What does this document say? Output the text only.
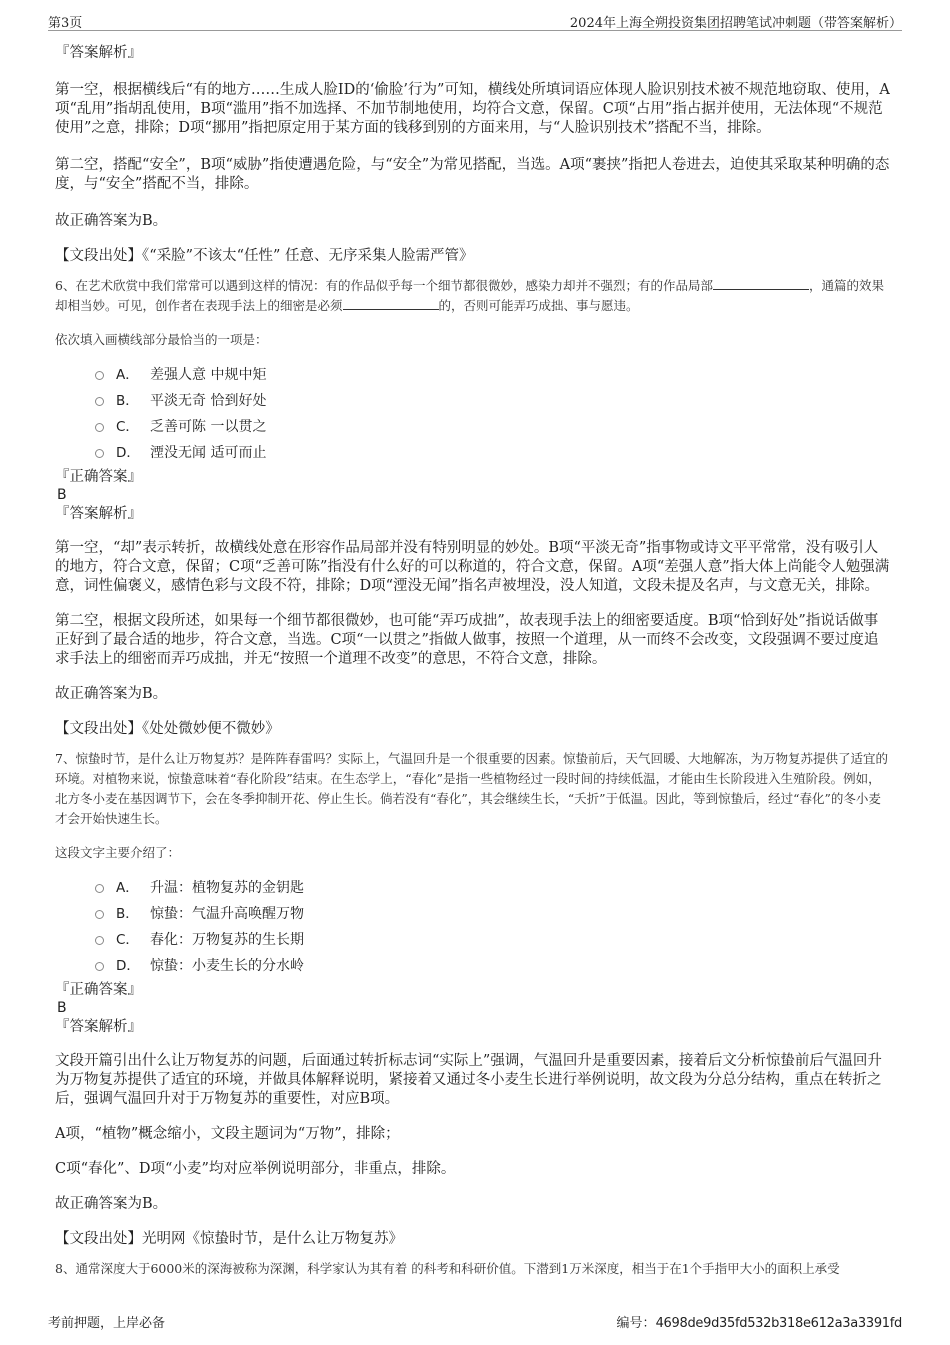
第3页	2024年上海全朔投资集团招聘笔试冲刺题（带答案解析）

『答案解析』

第一空，根据横线后“有的地方……生成人脸ID的‘偷脸’行为”可知，横线处所填词语应体现人脸识别技术被不规范地窃取、使用，A项“乱用”指胡乱使用，B项“滥用”指不加选择、不加节制地使用，均符合文意，保留。C项“占用”指占据并使用，无法体现“不规范使用”之意，排除；D项“挪用”指把原定用于某方面的钱移到别的方面来用，与“人脸识别技术”搭配不当，排除。

第二空，搭配“安全”，B项“威胁”指使遭遇危险，与“安全”为常见搭配，当选。A项“裹挟”指把人卷进去，迫使其采取某种明确的态度，与“安全”搭配不当，排除。

故正确答案为B。

【文段出处】《“采脸”不该太“任性” 任意、无序采集人脸需严管》

6、在艺术欣赏中我们常常可以遇到这样的情况：有的作品似乎每一个细节都很微妙，感染力却并不强烈；有的作品局部	，通篇的效果却相当妙。可见，创作者在表现手法上的细密是必须	的，否则可能弄巧成拙、事与愿违。

依次填入画横线部分最恰当的一项是：

A． 差强人意 中规中矩
B． 平淡无奇 恰到好处
C． 乏善可陈 一以贯之
D． 湮没无闻 适可而止

『正确答案』

B

『答案解析』

第一空，“却”表示转折，故横线处意在形容作品局部并没有特别明显的妙处。B项“平淡无奇”指事物或诗文平平常常，没有吸引人的地方，符合文意，保留；C项“乏善可陈”指没有什么好的可以称道的，符合文意，保留。A项“差强人意”指大体上尚能令人勉强满意，词性偏褒义，感情色彩与文段不符，排除；D项“湮没无闻”指名声被埋没，没人知道，文段未提及名声，与文意无关，排除。

第二空，根据文段所述，如果每一个细节都很微妙，也可能“弄巧成拙”，故表现手法上的细密要适度。B项“恰到好处”指说话做事正好到了最合适的地步，符合文意，当选。C项“一以贯之”指做人做事，按照一个道理，从一而终不会改变，文段强调不要过度追求手法上的细密而弄巧成拙，并无“按照一个道理不改变”的意思，不符合文意，排除。

故正确答案为B。

【文段出处】《处处微妙便不微妙》

7、惊蛰时节，是什么让万物复苏？是阵阵春雷吗？实际上，气温回升是一个很重要的因素。惊蛰前后，天气回暖、大地解冻，为万物复苏提供了适宜的环境。对植物来说，惊蛰意味着“春化阶段”结束。在生态学上，“春化”是指一些植物经过一段时间的持续低温，才能由生长阶段进入生殖阶段。例如，北方冬小麦在基因调节下，会在冬季抑制开花、停止生长。倘若没有“春化”，其会继续生长，“夭折”于低温。因此，等到惊蛰后，经过“春化”的冬小麦才会开始快速生长。

这段文字主要介绍了：

A． 升温：植物复苏的金钥匙
B． 惊蛰：气温升高唤醒万物
C． 春化：万物复苏的生长期
D． 惊蛰：小麦生长的分水岭

『正确答案』

B

『答案解析』

文段开篇引出什么让万物复苏的问题，后面通过转折标志词“实际上”强调，气温回升是重要因素，接着后文分析惊蛰前后气温回升为万物复苏提供了适宜的环境，并做具体解释说明，紧接着又通过冬小麦生长进行举例说明，故文段为分总分结构，重点在转折之后，强调气温回升对于万物复苏的重要性，对应B项。

A项，“植物”概念缩小，文段主题词为“万物”，排除；

C项“春化”、D项“小麦”均对应举例说明部分，非重点，排除。

故正确答案为B。

【文段出处】光明网《惊蛰时节，是什么让万物复苏》

8、通常深度大于6000米的深海被称为深渊，科学家认为其有着 的科考和科研价值。下潜到1万米深度，相当于在1个手指甲大小的面积上承受

考前押题，上岸必备	编号：4698de9d35fd532b318e612a3a3391fd
